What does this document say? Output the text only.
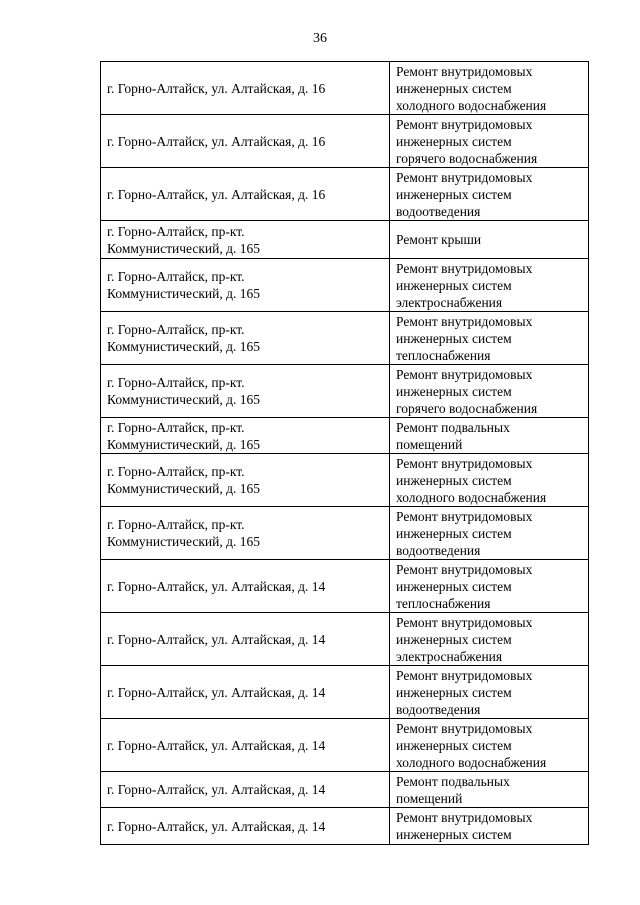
36
г. Горно-Алтайск, ул. Алтайская, д. 16	Ремонт внутридомовых
инженерных систем
холодного водоснабжения

г. Горно-Алтайск, ул. Алтайская, д. 16	Ремонт внутридомовых
инженерных систем
горячего водоснабжения

г. Горно-Алтайск, ул. Алтайская, д. 16	Ремонт внутридомовых
инженерных систем
водоотведения

г. Горно-Алтайск, пр-кт.
Коммунистический, д. 165	Ремонт крыши

г. Горно-Алтайск, пр-кт.
Коммунистический, д. 165	Ремонт внутридомовых
инженерных систем
электроснабжения

г. Горно-Алтайск, пр-кт.
Коммунистический, д. 165	Ремонт внутридомовых
инженерных систем
теплоснабжения

г. Горно-Алтайск, пр-кт.
Коммунистический, д. 165	Ремонт внутридомовых
инженерных систем
горячего водоснабжения

г. Горно-Алтайск, пр-кт.
Коммунистический, д. 165	Ремонт подвальных
помещений

г. Горно-Алтайск, пр-кт.
Коммунистический, д. 165	Ремонт внутридомовых
инженерных систем
холодного водоснабжения

г. Горно-Алтайск, пр-кт.
Коммунистический, д. 165	Ремонт внутридомовых
инженерных систем
водоотведения

г. Горно-Алтайск, ул. Алтайская, д. 14	Ремонт внутридомовых
инженерных систем
теплоснабжения

г. Горно-Алтайск, ул. Алтайская, д. 14	Ремонт внутридомовых
инженерных систем
электроснабжения

г. Горно-Алтайск, ул. Алтайская, д. 14	Ремонт внутридомовых
инженерных систем
водоотведения

г. Горно-Алтайск, ул. Алтайская, д. 14	Ремонт внутридомовых
инженерных систем
холодного водоснабжения

г. Горно-Алтайск, ул. Алтайская, д. 14	Ремонт подвальных
помещений

г. Горно-Алтайск, ул. Алтайская, д. 14	Ремонт внутридомовых
инженерных систем
